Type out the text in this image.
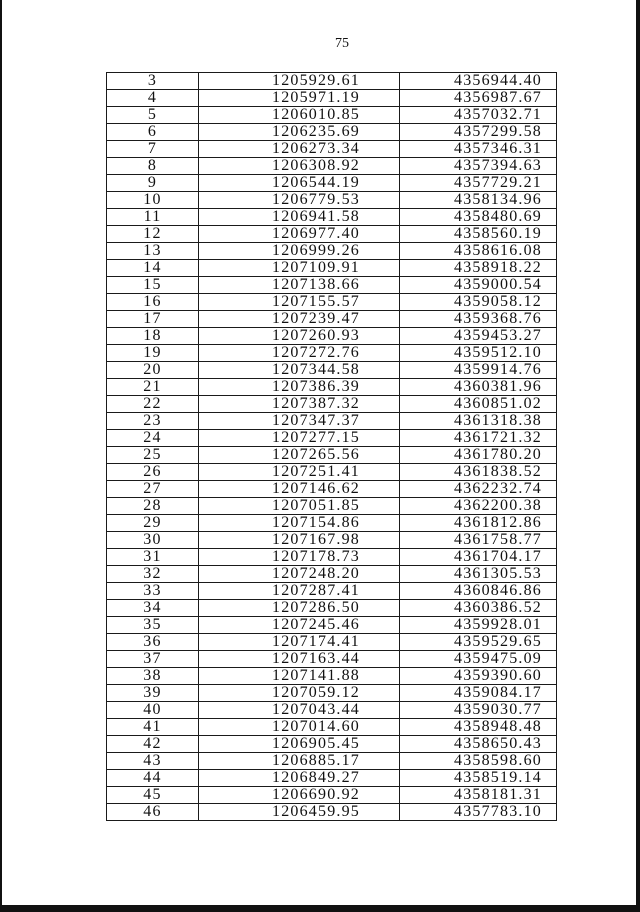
75
3	1205929.61	4356944.40
4	1205971.19	4356987.67
5	1206010.85	4357032.71
6	1206235.69	4357299.58
7	1206273.34	4357346.31
8	1206308.92	4357394.63
9	1206544.19	4357729.21
10	1206779.53	4358134.96
11	1206941.58	4358480.69
12	1206977.40	4358560.19
13	1206999.26	4358616.08
14	1207109.91	4358918.22
15	1207138.66	4359000.54
16	1207155.57	4359058.12
17	1207239.47	4359368.76
18	1207260.93	4359453.27
19	1207272.76	4359512.10
20	1207344.58	4359914.76
21	1207386.39	4360381.96
22	1207387.32	4360851.02
23	1207347.37	4361318.38
24	1207277.15	4361721.32
25	1207265.56	4361780.20
26	1207251.41	4361838.52
27	1207146.62	4362232.74
28	1207051.85	4362200.38
29	1207154.86	4361812.86
30	1207167.98	4361758.77
31	1207178.73	4361704.17
32	1207248.20	4361305.53
33	1207287.41	4360846.86
34	1207286.50	4360386.52
35	1207245.46	4359928.01
36	1207174.41	4359529.65
37	1207163.44	4359475.09
38	1207141.88	4359390.60
39	1207059.12	4359084.17
40	1207043.44	4359030.77
41	1207014.60	4358948.48
42	1206905.45	4358650.43
43	1206885.17	4358598.60
44	1206849.27	4358519.14
45	1206690.92	4358181.31
46	1206459.95	4357783.10
